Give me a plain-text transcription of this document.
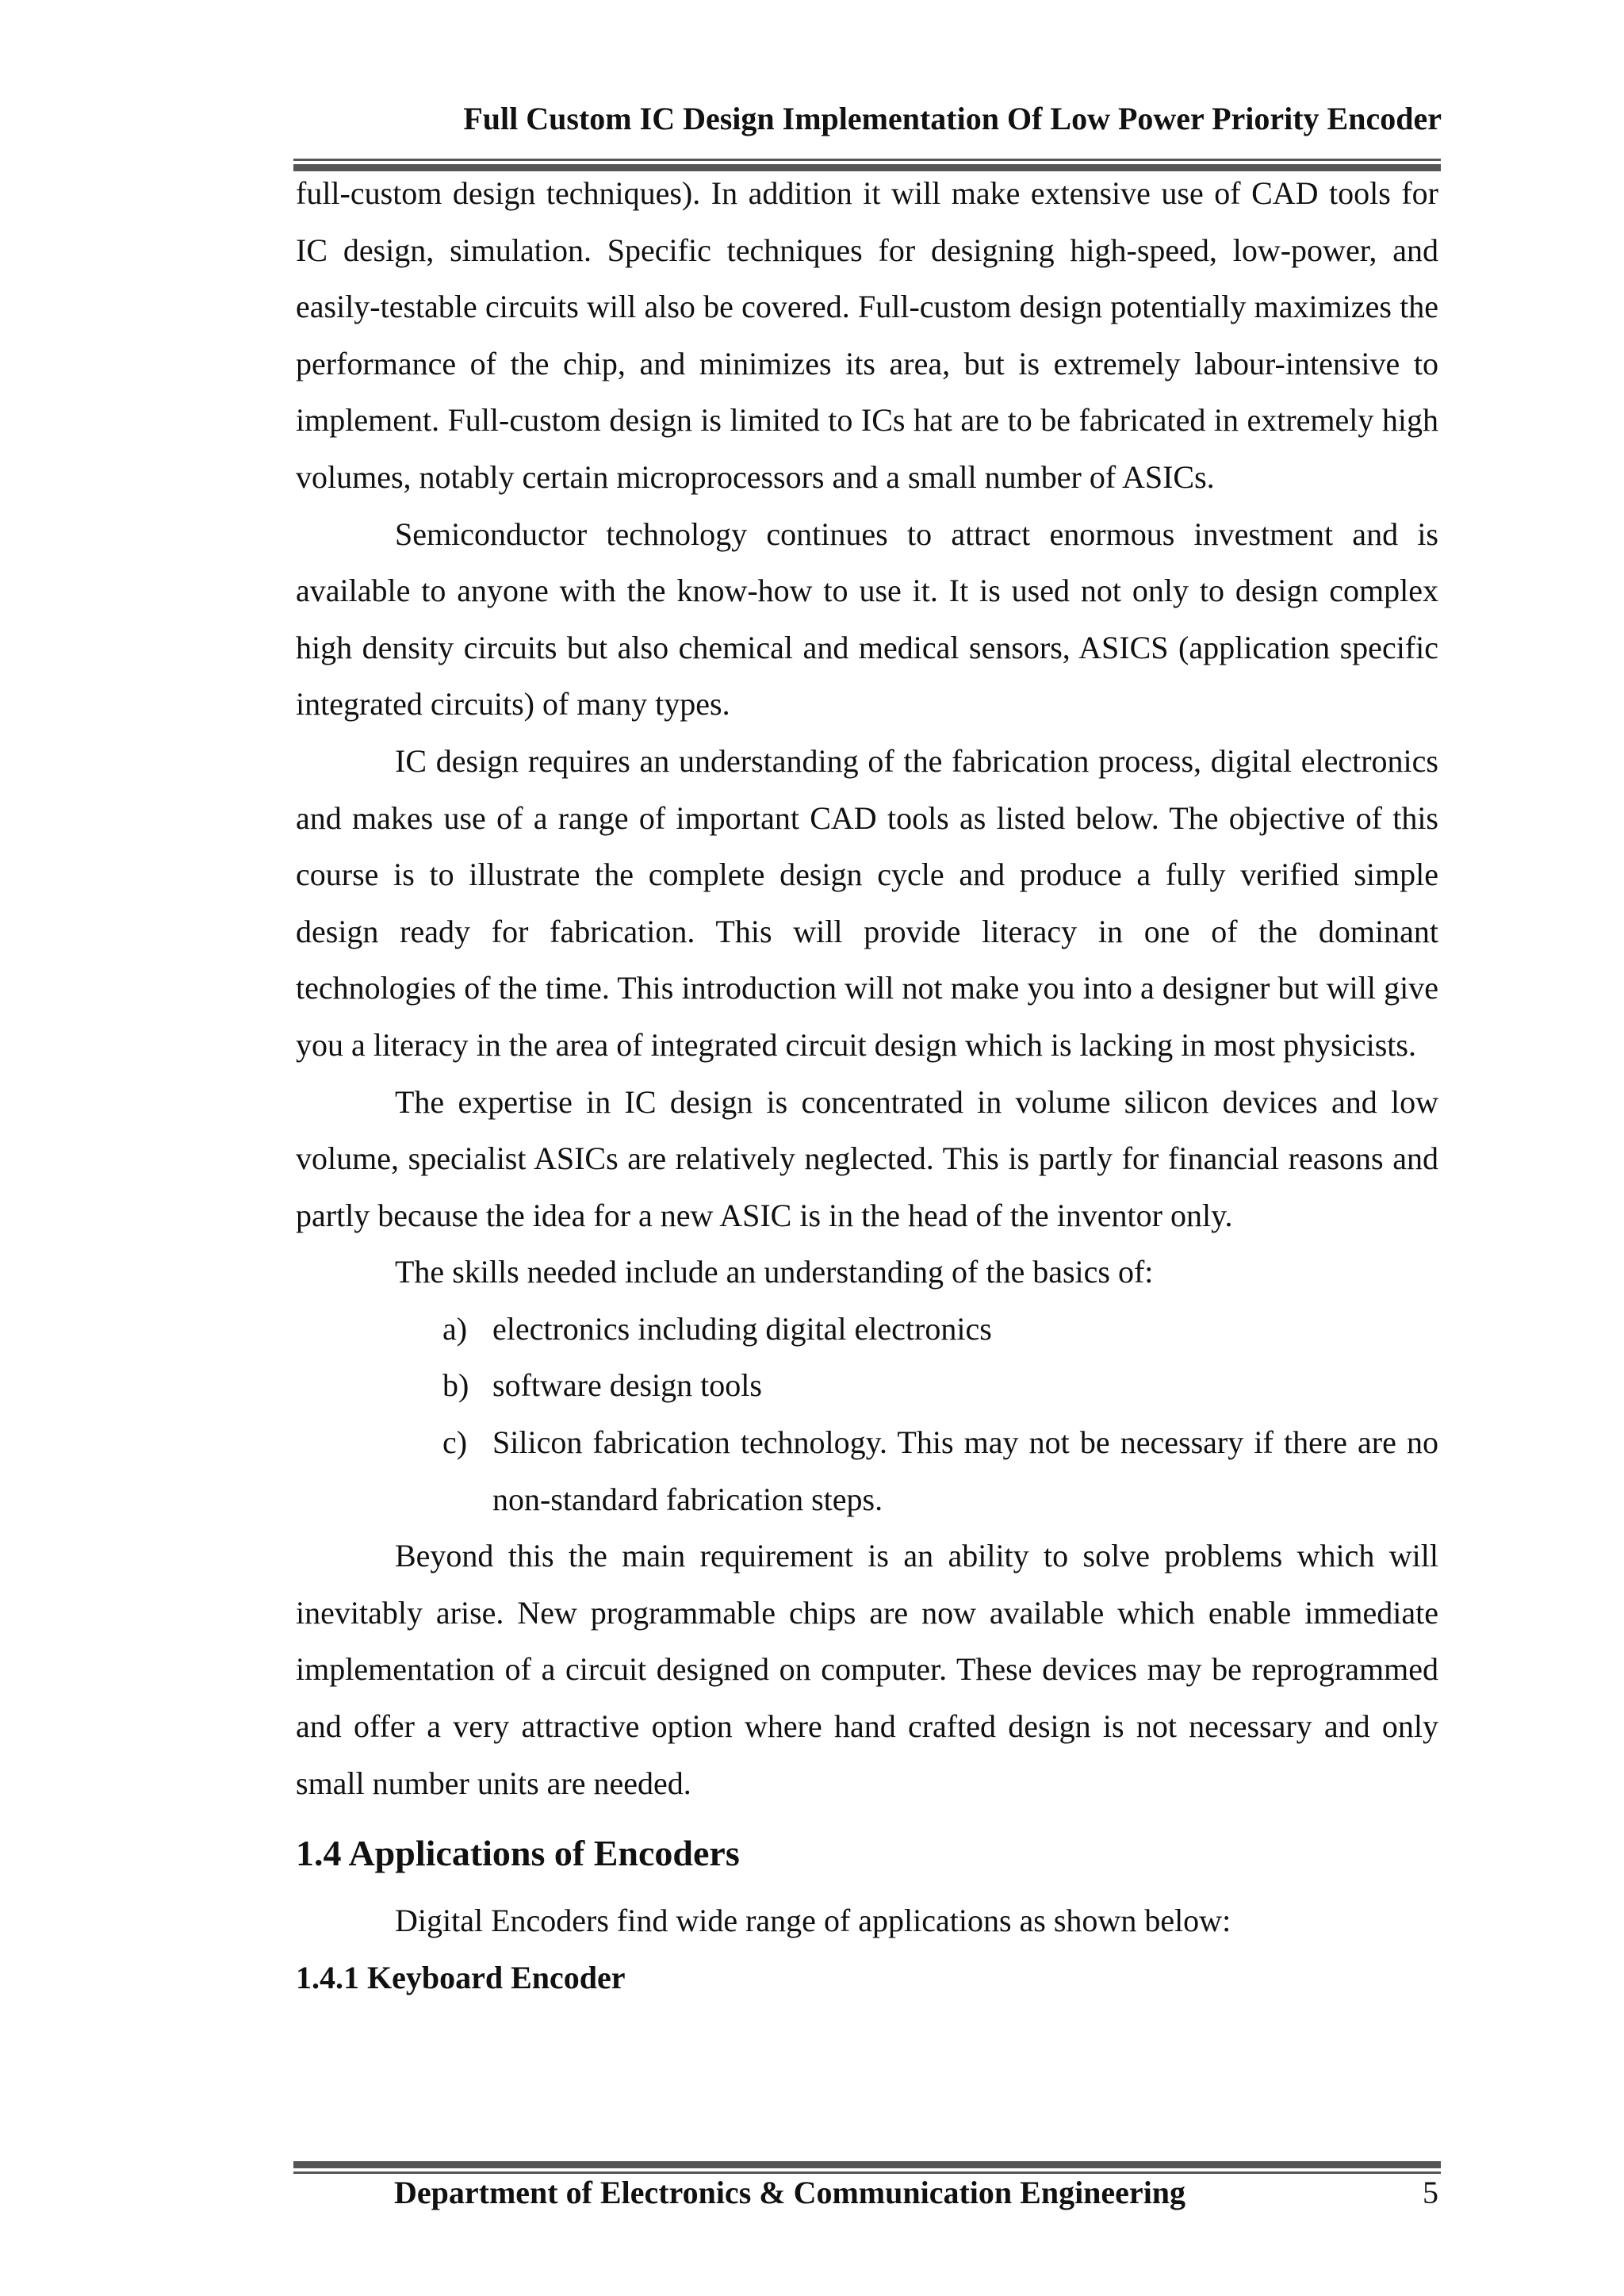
Full Custom IC Design Implementation Of Low Power Priority Encoder

full-custom design techniques). In addition it will make extensive use of CAD tools for IC design, simulation. Specific techniques for designing high-speed, low-power, and easily-testable circuits will also be covered. Full-custom design potentially maximizes the performance of the chip, and minimizes its area, but is extremely labour-intensive to implement. Full-custom design is limited to ICs hat are to be fabricated in extremely high volumes, notably certain microprocessors and a small number of ASICs.

Semiconductor technology continues to attract enormous investment and is available to anyone with the know-how to use it. It is used not only to design complex high density circuits but also chemical and medical sensors, ASICS (application specific integrated circuits) of many types.

IC design requires an understanding of the fabrication process, digital electronics and makes use of a range of important CAD tools as listed below. The objective of this course is to illustrate the complete design cycle and produce a fully verified simple design ready for fabrication. This will provide literacy in one of the dominant technologies of the time. This introduction will not make you into a designer but will give you a literacy in the area of integrated circuit design which is lacking in most physicists.

The expertise in IC design is concentrated in volume silicon devices and low volume, specialist ASICs are relatively neglected. This is partly for financial reasons and partly because the idea for a new ASIC is in the head of the inventor only.

The skills needed include an understanding of the basics of:

a) electronics including digital electronics
b) software design tools
c) Silicon fabrication technology. This may not be necessary if there are no non-standard fabrication steps.

Beyond this the main requirement is an ability to solve problems which will inevitably arise. New programmable chips are now available which enable immediate implementation of a circuit designed on computer. These devices may be reprogrammed and offer a very attractive option where hand crafted design is not necessary and only small number units are needed.

1.4 Applications of Encoders

Digital Encoders find wide range of applications as shown below:

1.4.1 Keyboard Encoder
Department of Electronics & Communication Engineering	5
